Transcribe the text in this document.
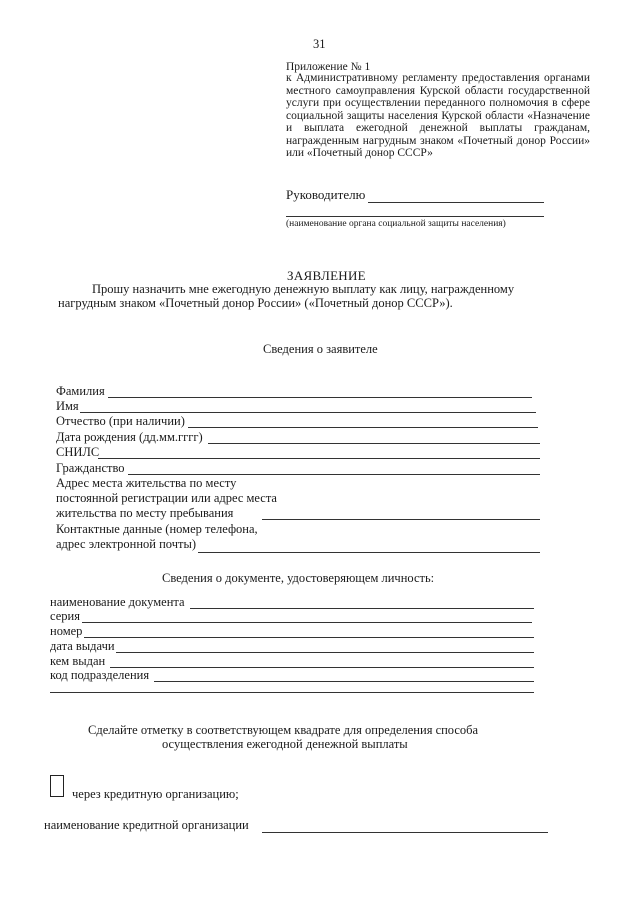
31
Приложение № 1
к Административному регламенту предоставления органами местного самоуправления Курской области государственной услуги при осуществлении переданного полномочия в сфере социальной защиты населения Курской области «Назначение и выплата ежегодной денежной выплаты гражданам, награжденным нагрудным знаком «Почетный донор России» или «Почетный донор СССР»
Руководителю
(наименование органа социальной защиты населения)
ЗАЯВЛЕНИЕ
Прошу назначить мне ежегодную денежную выплату как лицу, награжденному
нагрудным знаком «Почетный донор России» («Почетный донор СССР»).
Сведения о заявителе
Фамилия
Имя
Отчество (при наличии)
Дата рождения (дд.мм.гггг)
СНИЛС
Гражданство
Адрес места жительства по месту
постоянной регистрации или адрес места
жительства по месту пребывания
Контактные данные (номер телефона,
адрес электронной почты)
Сведения о документе, удостоверяющем личность:
наименование документа
серия
номер
дата выдачи
кем выдан
код подразделения
Сделайте отметку в соответствующем квадрате для определения способа
осуществления ежегодной денежной выплаты
через кредитную организацию;
наименование кредитной организации
